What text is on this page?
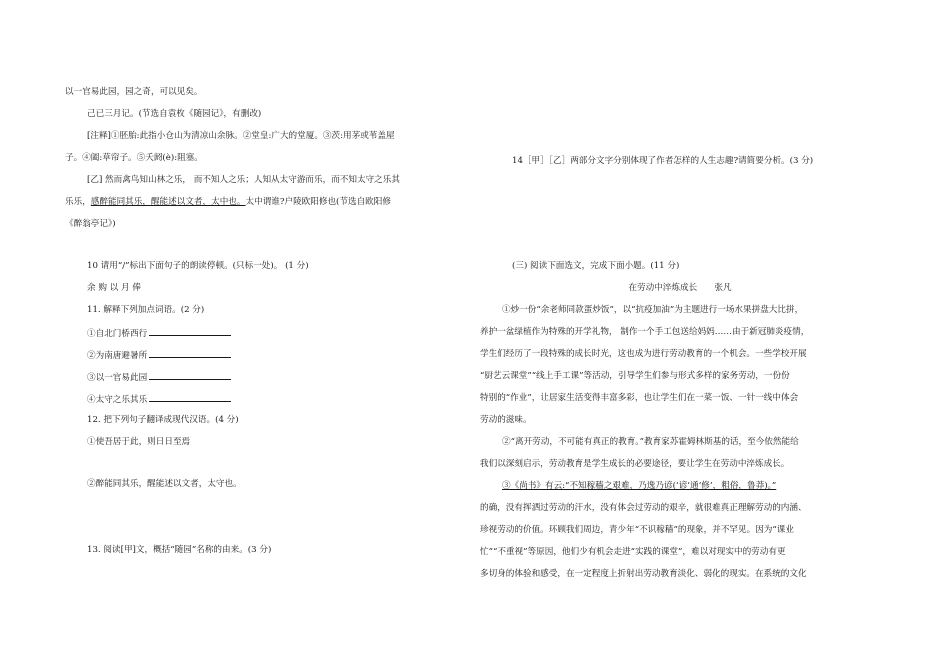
以一官易此园，园之奇，可以见矣。
己已三月记。(节选自袁枚《随园记》，有删改)
[注释]①胚胎:此指小仓山为清凉山余脉。②堂皇:广大的堂厦。③茨:用茅或苇盖屋
子。④阖:草帘子。⑤夭阏(è):阻塞。
[乙] 然而禽鸟知山林之乐， 而不知人之乐；人知从太守游而乐，而不知太守之乐其
乐乐，感醉能同其乐，醒能述以文者，太中也。太中谓谁?户陵欧阳修也(节选自欧阳修
《醉翁亭记》)
10 请用“/”标出下面句子的朗读停顿。(只标一处)。 (1 分)
余 购 以 月 俸
11. 解释下列加点词语。(2 分)
①自北门桥西行
②为南唐避暑所
③以一官易此园
④太守之乐其乐
12. 把下列句子翻译成现代汉语。(4 分)
①使吾居于此，则日日至焉
②醉能同其乐，醒能述以文者，太守也。
13. 阅读[甲]文，概括“随园”名称的由来。(3 分)
14［甲］［乙］两部分文字分别体现了作者怎样的人生志趣?请简要分析。(3 分)
(三) 阅读下面选文，完成下面小题。(11 分)
在劳动中淬炼成长　　张凡
①炒一份“余老师同款蛋炒饭”，以“抗疫加油”为主题进行一场水果拼盘大比拼，
养护一盆绿植作为特殊的开学礼物， 制作一个手工包送给妈妈……由于新冠肺炎疫情，
学生们经历了一段特殊的成长时光，这也成为进行劳动教育的一个机会。一些学校开展
“厨艺云课堂”“线上手工课”等活动，引导学生们参与形式多样的家务劳动，一份份
特别的“作业”，让居家生活变得丰富多彩，也让学生们在一菜一饭、一针一线中体会
劳动的滋味。
②“离开劳动，不可能有真正的教育。”教育家苏霍姆林斯基的话，至今依然能给
我们以深刻启示，劳动教育是学生成长的必要途径，要让学生在劳动中淬炼成长。
③《尚书》有云:“不知稼穑之艰难，乃逸乃谚(‘谚’通‘修’，粗俗，鲁莽)。”
的确，没有挥洒过劳动的汗水，没有体会过劳动的艰辛，就很难真正理解劳动的内涵、
珍视劳动的价值。环顾我们周边，青少年“不识稼穑”的现象，并不罕见。因为“课业
忙”“不重视”等原因，他们少有机会走进“实践的课堂”，难以对现实中的劳动有更
多切身的体验和感受，在一定程度上折射出劳动教育淡化、弱化的现实。在系统的文化
